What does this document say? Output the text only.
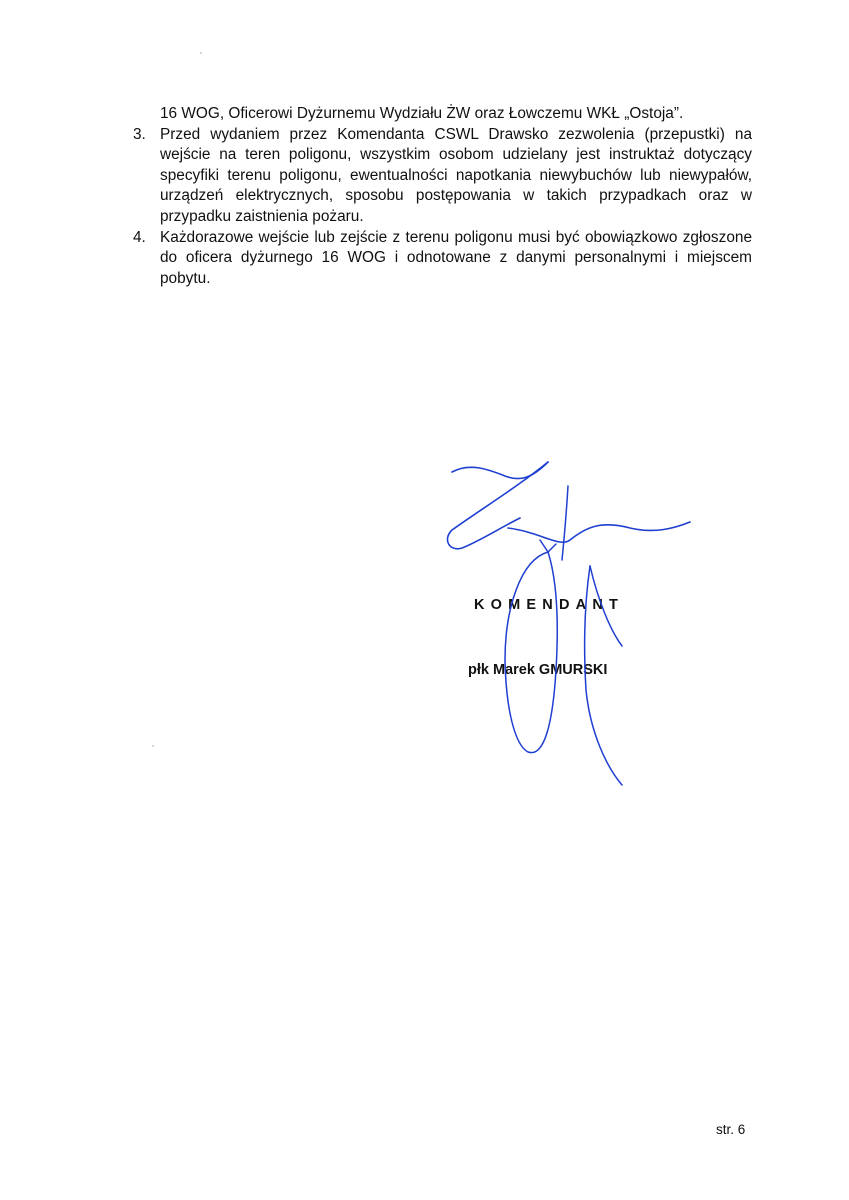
16 WOG, Oficerowi Dyżurnemu Wydziału ŻW oraz Łowczemu WKŁ „Ostoja”.

3. Przed wydaniem przez Komendanta CSWL Drawsko zezwolenia (przepustki) na wejście na teren poligonu, wszystkim osobom udzielany jest instruktaż dotyczący specyfiki terenu poligonu, ewentualności napotkania niewybuchów lub niewypałów, urządzeń elektrycznych, sposobu postępowania w takich przypadkach oraz w przypadku zaistnienia pożaru.
4. Każdorazowe wejście lub zejście z terenu poligonu musi być obowiązkowo zgłoszone do oficera dyżurnego 16 WOG i odnotowane z danymi personalnymi i miejscem pobytu.
KOMENDANT
płk Marek GMURSKI
str. 6
